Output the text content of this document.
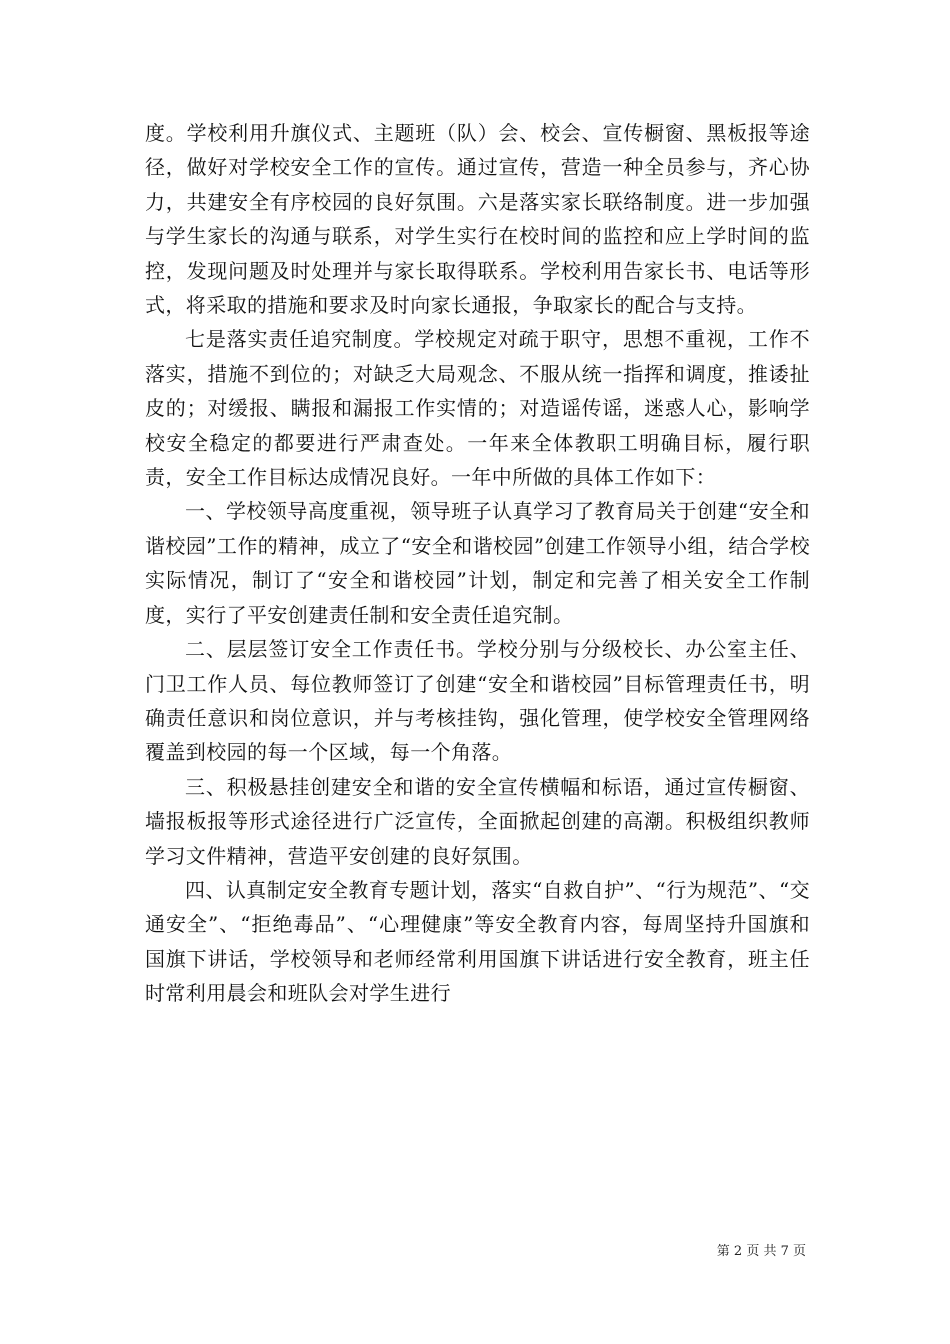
度。学校利用升旗仪式、主题班（队）会、校会、宣传橱窗、黑板报等途径，做好对学校安全工作的宣传。通过宣传，营造一种全员参与，齐心协力，共建安全有序校园的良好氛围。六是落实家长联络制度。进一步加强与学生家长的沟通与联系，对学生实行在校时间的监控和应上学时间的监控，发现问题及时处理并与家长取得联系。学校利用告家长书、电话等形式，将采取的措施和要求及时向家长通报，争取家长的配合与支持。

七是落实责任追究制度。学校规定对疏于职守，思想不重视，工作不落实，措施不到位的；对缺乏大局观念、不服从统一指挥和调度，推诿扯皮的；对缓报、瞒报和漏报工作实情的；对造谣传谣，迷惑人心，影响学校安全稳定的都要进行严肃查处。一年来全体教职工明确目标，履行职责，安全工作目标达成情况良好。一年中所做的具体工作如下：

一、学校领导高度重视，领导班子认真学习了教育局关于创建“安全和谐校园”工作的精神，成立了“安全和谐校园”创建工作领导小组，结合学校实际情况，制订了“安全和谐校园”计划，制定和完善了相关安全工作制度，实行了平安创建责任制和安全责任追究制。

二、层层签订安全工作责任书。学校分别与分级校长、办公室主任、门卫工作人员、每位教师签订了创建“安全和谐校园”目标管理责任书，明确责任意识和岗位意识，并与考核挂钩，强化管理，使学校安全管理网络覆盖到校园的每一个区域，每一个角落。

三、积极悬挂创建安全和谐的安全宣传横幅和标语，通过宣传橱窗、墙报板报等形式途径进行广泛宣传，全面掀起创建的高潮。积极组织教师学习文件精神，营造平安创建的良好氛围。

四、认真制定安全教育专题计划，落实“自救自护”、“行为规范”、“交通安全”、“拒绝毒品”、“心理健康”等安全教育内容，每周坚持升国旗和国旗下讲话，学校领导和老师经常利用国旗下讲话进行安全教育，班主任时常利用晨会和班队会对学生进行

第 2 页 共 7 页
